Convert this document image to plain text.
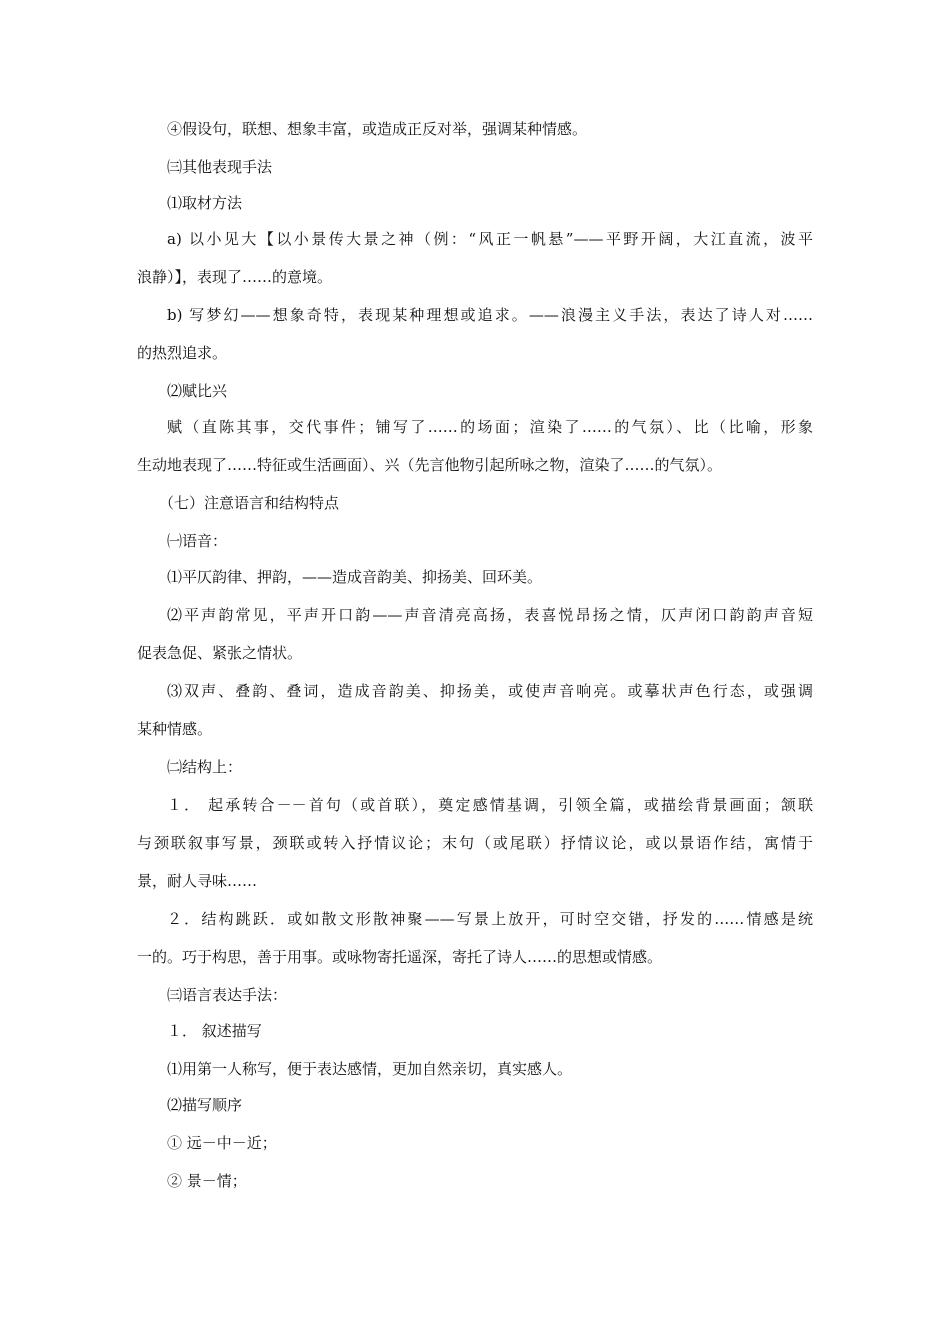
④假设句，联想、想象丰富，或造成正反对举，强调某种情感。
㈢其他表现手法
⑴取材方法
a) 以小见大【以小景传大景之神（例：“风正一帆悬”——平野开阔，大江直流，波平
浪静）】，表现了……的意境。
b) 写梦幻——想象奇特，表现某种理想或追求。——浪漫主义手法，表达了诗人对……
的热烈追求。
⑵赋比兴
赋（直陈其事，交代事件；铺写了……的场面；渲染了……的气氛）、比（比喻，形象
生动地表现了……特征或生活画面）、兴（先言他物引起所咏之物，渲染了……的气氛）。
（七）注意语言和结构特点
㈠语音：
⑴平仄韵律、押韵，——造成音韵美、抑扬美、回环美。
⑵平声韵常见，平声开口韵——声音清亮高扬，表喜悦昂扬之情，仄声闭口韵韵声音短
促表急促、紧张之情状。
⑶双声、叠韵、叠词，造成音韵美、抑扬美，或使声音响亮。或摹状声色行态，或强调
某种情感。
㈡结构上：
１． 起承转合－－首句（或首联），奠定感情基调，引领全篇，或描绘背景画面；颔联
与颈联叙事写景，颈联或转入抒情议论；末句（或尾联）抒情议论，或以景语作结，寓情于
景，耐人寻味……
２．结构跳跃．或如散文形散神聚——写景上放开，可时空交错，抒发的……情感是统
一的。巧于构思，善于用事。或咏物寄托遥深，寄托了诗人……的思想或情感。
㈢语言表达手法：
１． 叙述描写
⑴用第一人称写，便于表达感情，更加自然亲切，真实感人。
⑵描写顺序
① 远－中－近；
② 景－情；
